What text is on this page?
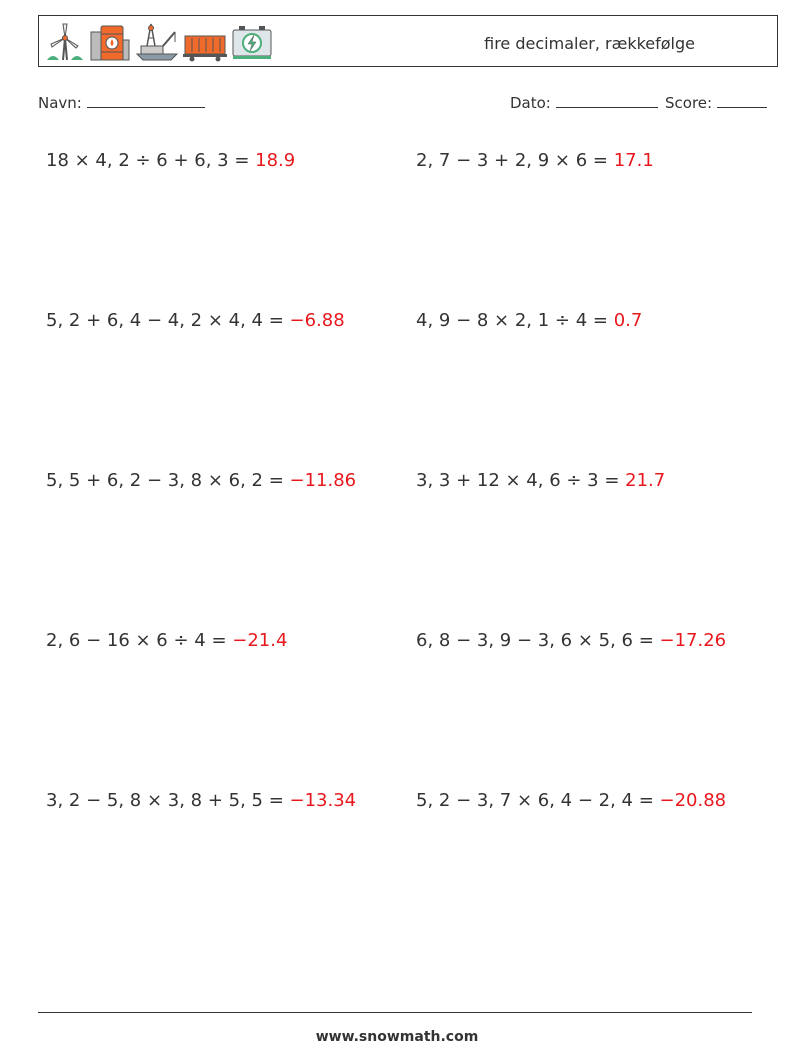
fire decimaler, rækkefølge
Navn:	Dato:	Score:
18 × 4, 2 ÷ 6 + 6, 3 = 18.9	2, 7 − 3 + 2, 9 × 6 = 17.1
5, 2 + 6, 4 − 4, 2 × 4, 4 = −6.88	4, 9 − 8 × 2, 1 ÷ 4 = 0.7
5, 5 + 6, 2 − 3, 8 × 6, 2 = −11.86	3, 3 + 12 × 4, 6 ÷ 3 = 21.7
2, 6 − 16 × 6 ÷ 4 = −21.4	6, 8 − 3, 9 − 3, 6 × 5, 6 = −17.26
3, 2 − 5, 8 × 3, 8 + 5, 5 = −13.34	5, 2 − 3, 7 × 6, 4 − 2, 4 = −20.88
www.snowmath.com
